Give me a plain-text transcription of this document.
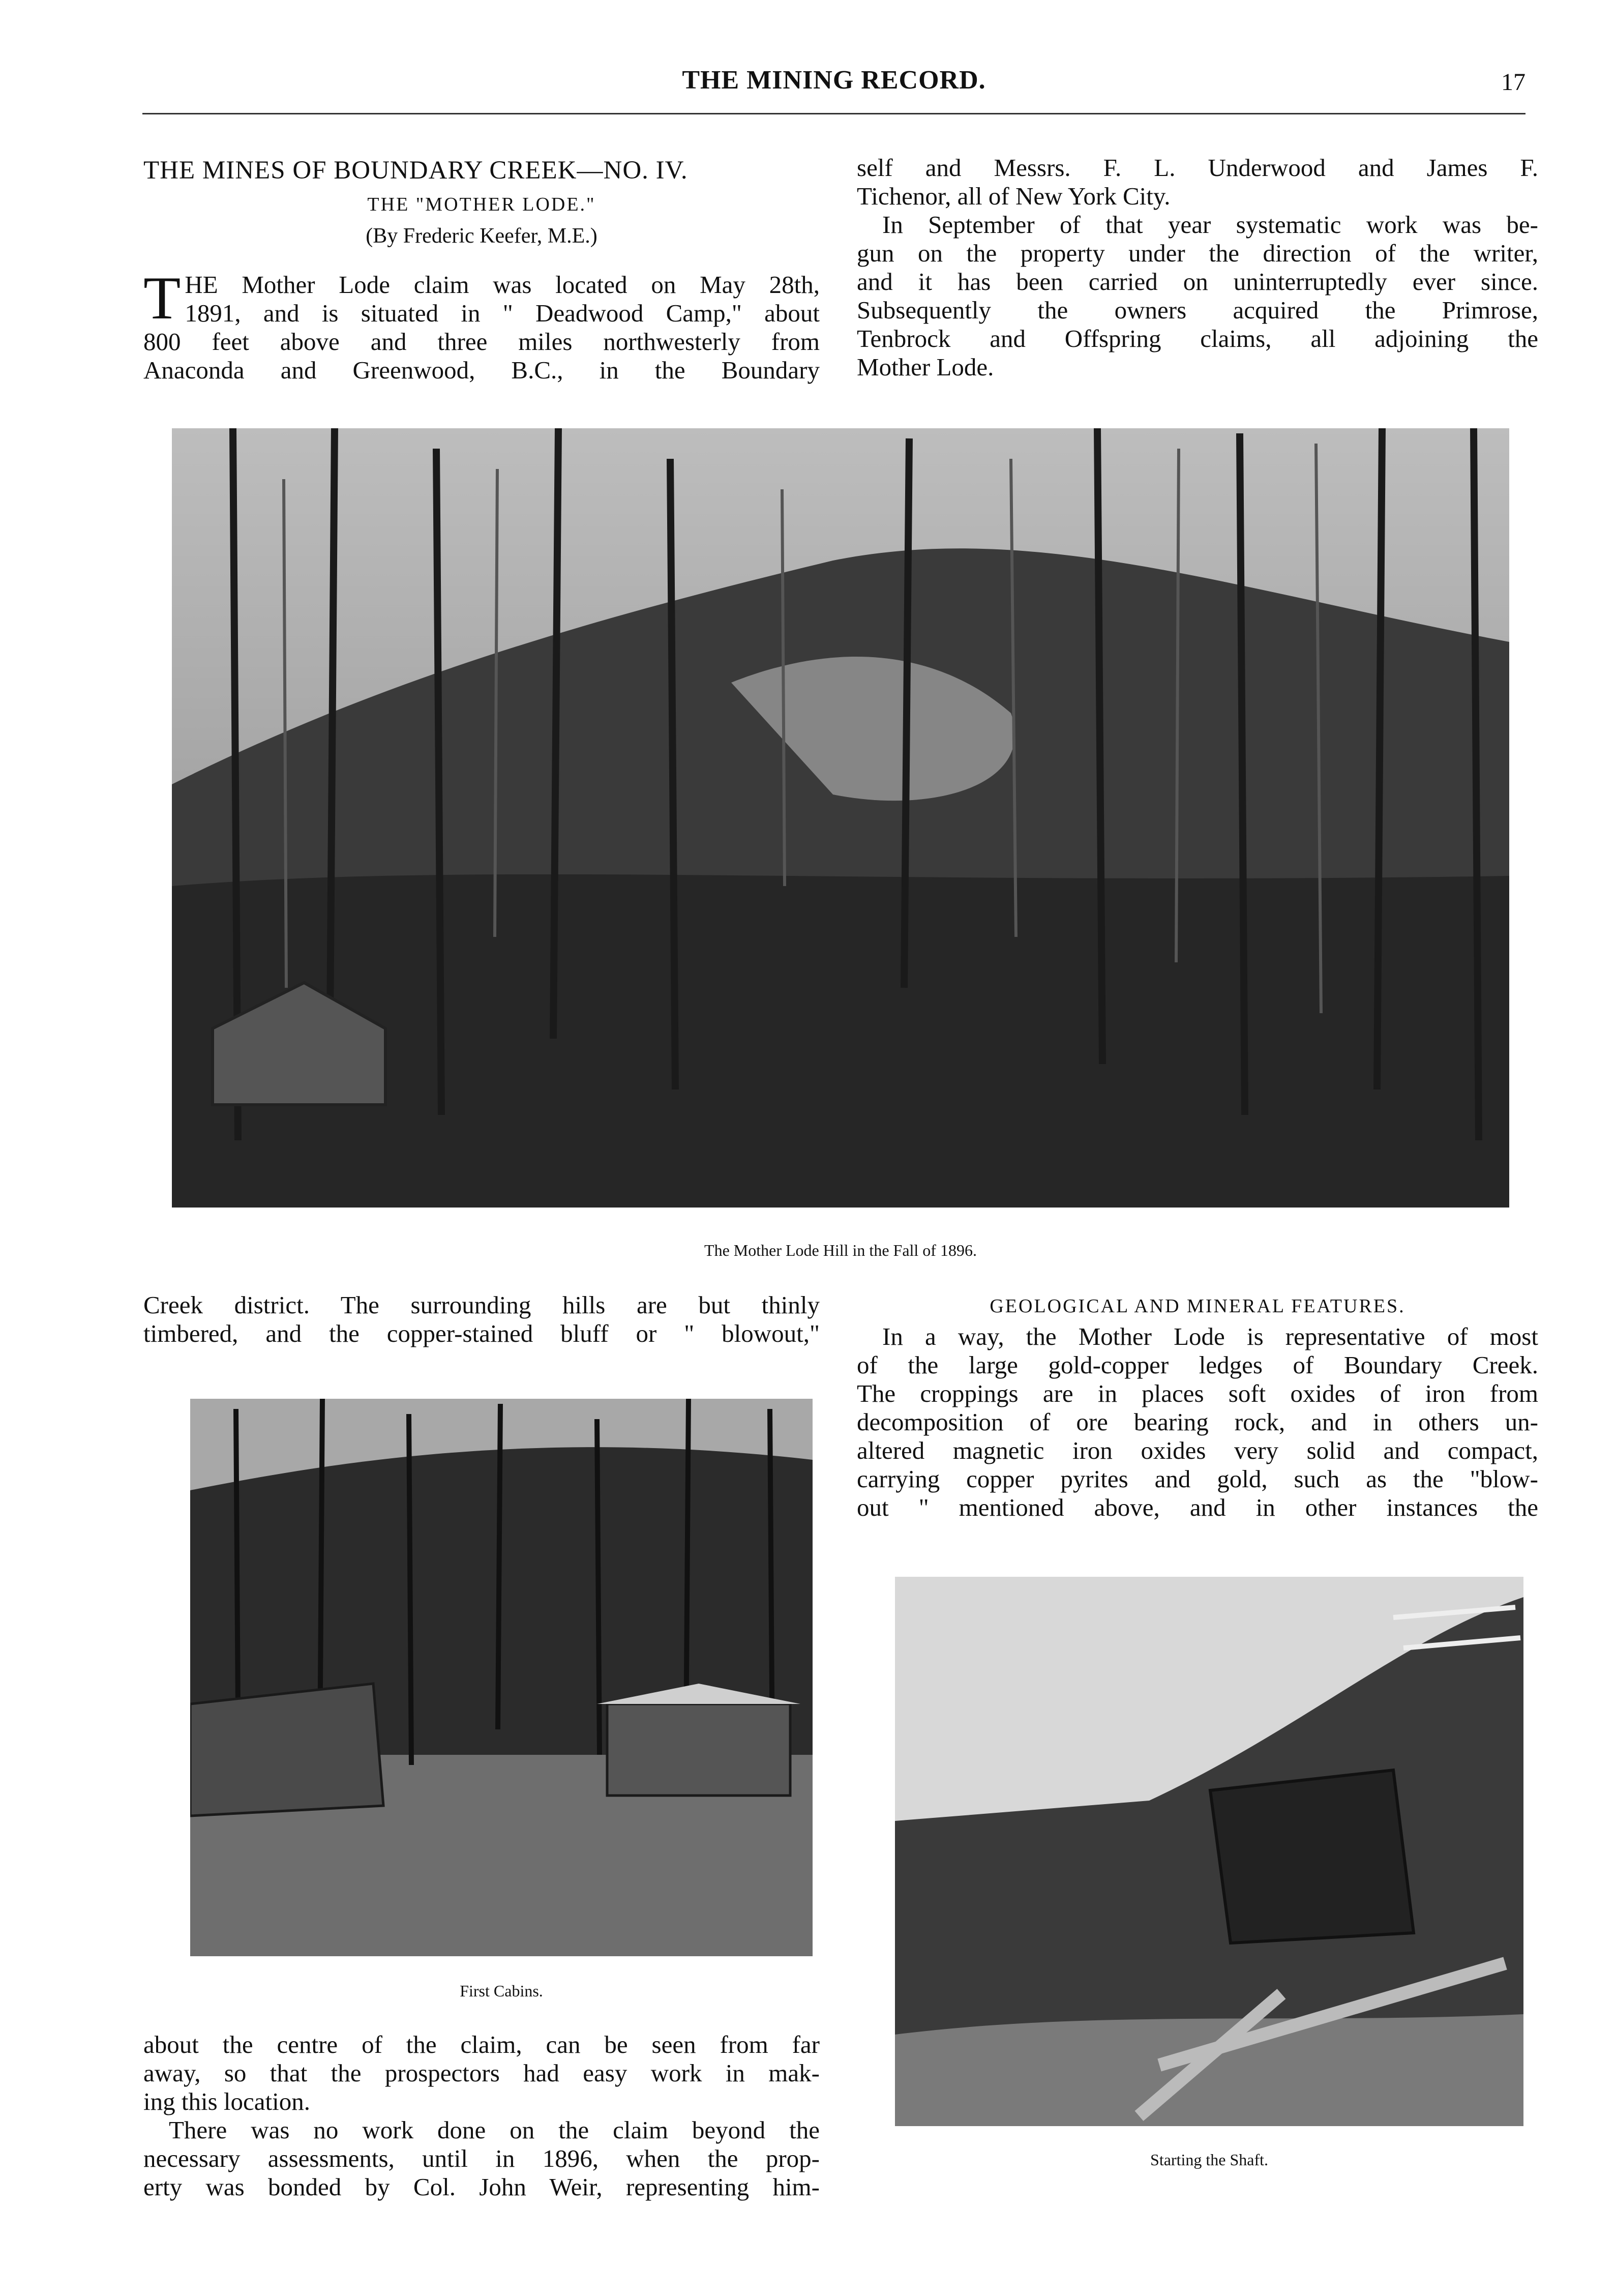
THE MINING RECORD.	17
THE MINES OF BOUNDARY CREEK—NO. IV.
THE "MOTHER LODE."
(By Frederic Keefer, M.E.)
T HE Mother Lode claim was located on May 28th,
1891, and is situated in " Deadwood Camp," about
800 feet above and three miles northwesterly from
Anaconda and Greenwood, B.C., in the Boundary
self and Messrs. F. L. Underwood and James F.
Tichenor, all of New York City.
In September of that year systematic work was be-
gun on the property under the direction of the writer,
and it has been carried on uninterruptedly ever since.
Subsequently the owners acquired the Primrose,
Tenbrock and Offspring claims, all adjoining the
Mother Lode.
The Mother Lode Hill in the Fall of 1896.
Creek district. The surrounding hills are but thinly
timbered, and the copper-stained bluff or " blowout,"
GEOLOGICAL AND MINERAL FEATURES.
In a way, the Mother Lode is representative of most
of the large gold-copper ledges of Boundary Creek.
The croppings are in places soft oxides of iron from
decomposition of ore bearing rock, and in others un-
altered magnetic iron oxides very solid and compact,
carrying copper pyrites and gold, such as the "blow-
out " mentioned above, and in other instances the
First Cabins.
about the centre of the claim, can be seen from far
away, so that the prospectors had easy work in mak-
ing this location.
There was no work done on the claim beyond the
necessary assessments, until in 1896, when the prop-
erty was bonded by Col. John Weir, representing him-
Starting the Shaft.
